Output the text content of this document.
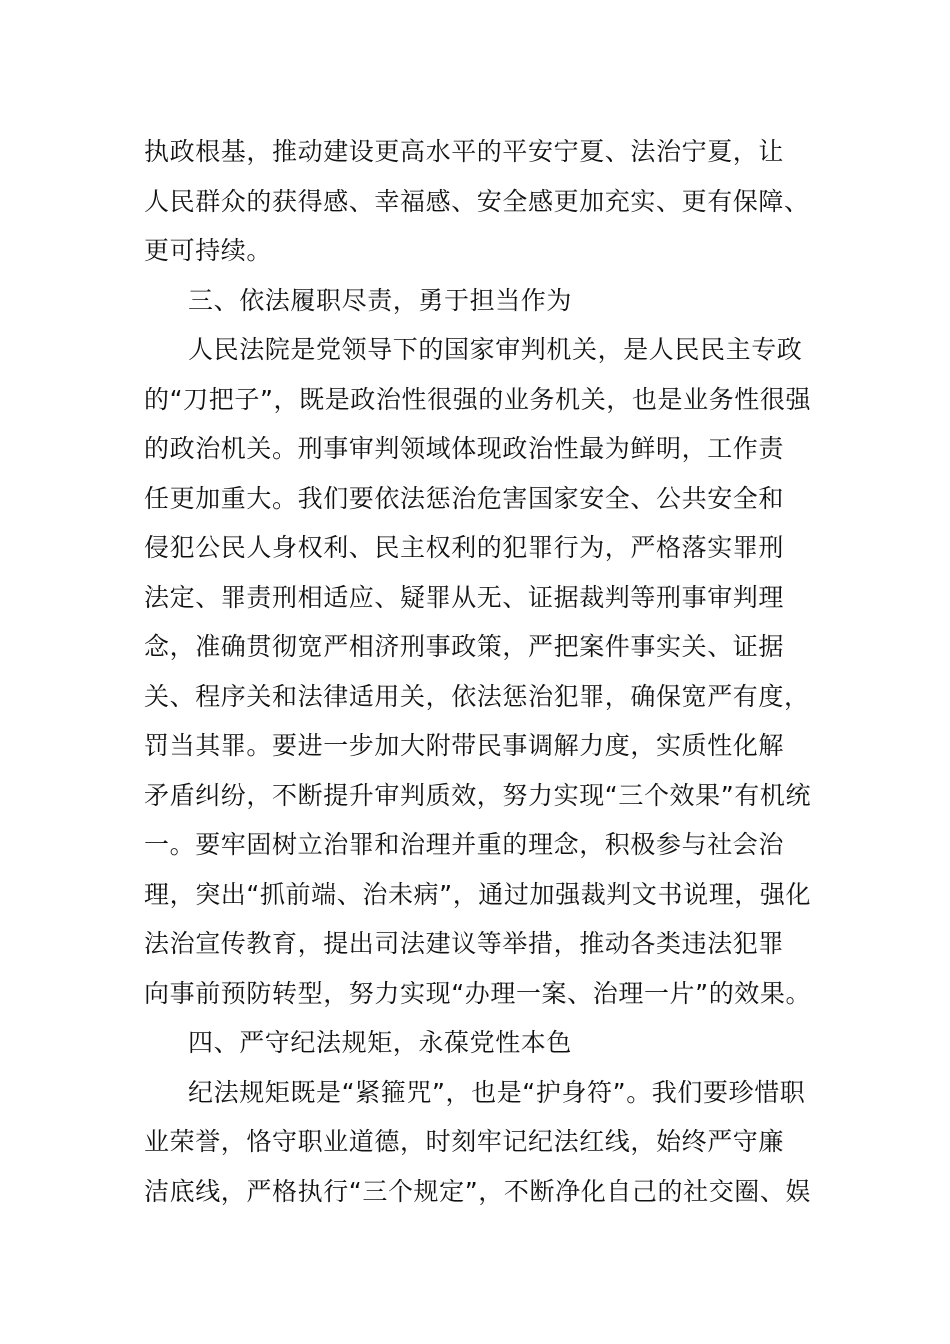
执政根基，推动建设更高水平的平安宁夏、法治宁夏，让
人民群众的获得感、幸福感、安全感更加充实、更有保障、
更可持续。
三、依法履职尽责，勇于担当作为
人民法院是党领导下的国家审判机关，是人民民主专政
的“刀把子”，既是政治性很强的业务机关，也是业务性很强
的政治机关。刑事审判领域体现政治性最为鲜明，工作责
任更加重大。我们要依法惩治危害国家安全、公共安全和
侵犯公民人身权利、民主权利的犯罪行为，严格落实罪刑
法定、罪责刑相适应、疑罪从无、证据裁判等刑事审判理
念，准确贯彻宽严相济刑事政策，严把案件事实关、证据
关、程序关和法律适用关，依法惩治犯罪，确保宽严有度，
罚当其罪。要进一步加大附带民事调解力度，实质性化解
矛盾纠纷，不断提升审判质效，努力实现“三个效果”有机统
一。要牢固树立治罪和治理并重的理念，积极参与社会治
理，突出“抓前端、治未病”，通过加强裁判文书说理，强化
法治宣传教育，提出司法建议等举措，推动各类违法犯罪
向事前预防转型，努力实现“办理一案、治理一片”的效果。
四、严守纪法规矩，永葆党性本色
纪法规矩既是“紧箍咒”，也是“护身符”。我们要珍惜职
业荣誉，恪守职业道德，时刻牢记纪法红线，始终严守廉
洁底线，严格执行“三个规定”，不断净化自己的社交圈、娱
